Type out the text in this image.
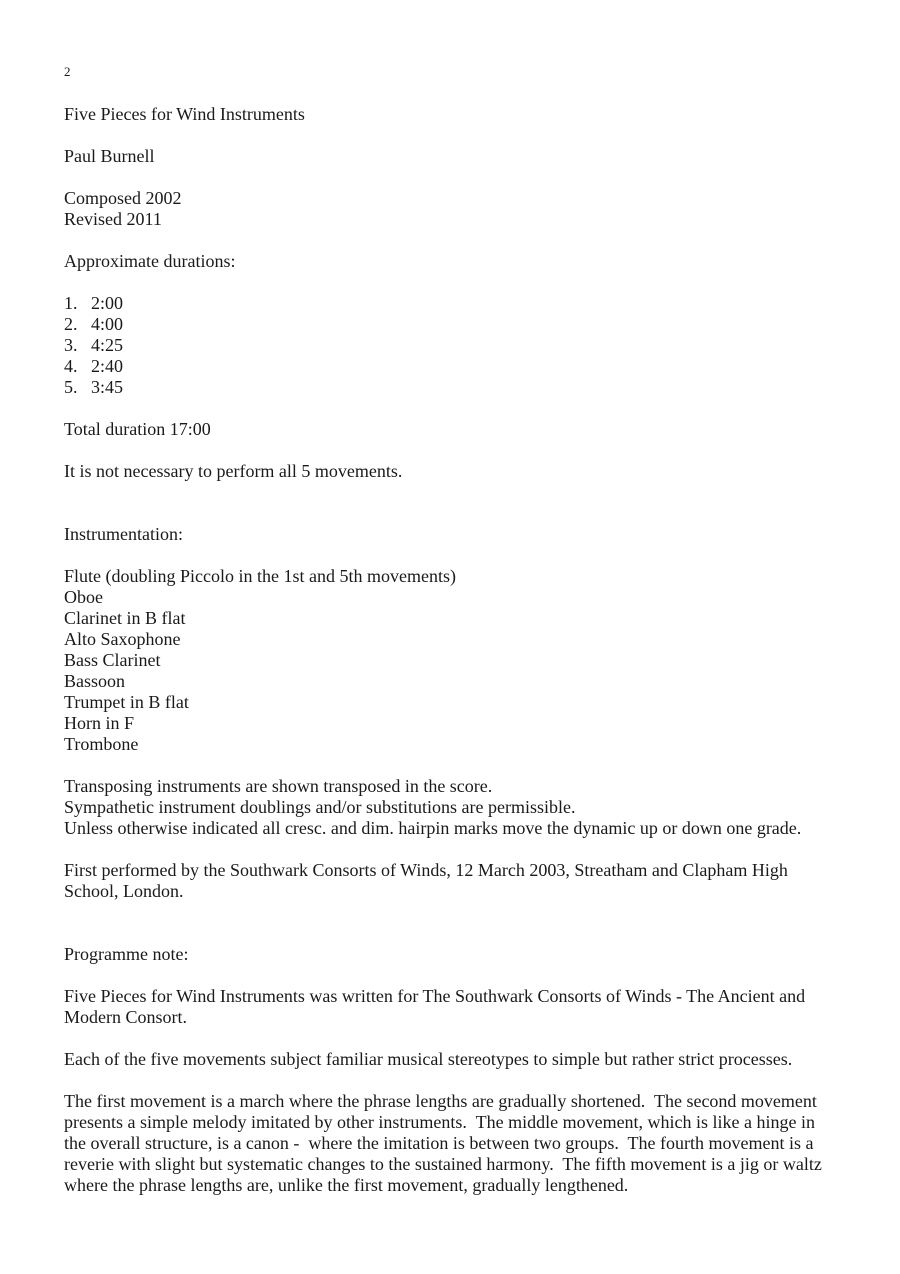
2

Five Pieces for Wind Instruments

Paul Burnell

Composed 2002

Revised 2011

Approximate durations:

1. 2:00
2. 4:00
3. 4:25
4. 2:40
5. 3:45

Total duration 17:00

It is not necessary to perform all 5 movements.

Instrumentation:

Flute (doubling Piccolo in the 1st and 5th movements)

Oboe

Clarinet in B flat

Alto Saxophone

Bass Clarinet

Bassoon

Trumpet in B flat

Horn in F

Trombone

Transposing instruments are shown transposed in the score.

Sympathetic instrument doublings and/or substitutions are permissible.

Unless otherwise indicated all cresc. and dim. hairpin marks move the dynamic up or down one grade.

First performed by the Southwark Consorts of Winds, 12 March 2003, Streatham and Clapham High School, London.

Programme note:

Five Pieces for Wind Instruments was written for The Southwark Consorts of Winds - The Ancient and Modern Consort.

Each of the five movements subject familiar musical stereotypes to simple but rather strict processes.

The first movement is a march where the phrase lengths are gradually shortened.  The second movement presents a simple melody imitated by other instruments.  The middle movement, which is like a hinge in the overall structure, is a canon -  where the imitation is between two groups.  The fourth movement is a reverie with slight but systematic changes to the sustained harmony.  The fifth movement is a jig or waltz where the phrase lengths are, unlike the first movement, gradually lengthened.
